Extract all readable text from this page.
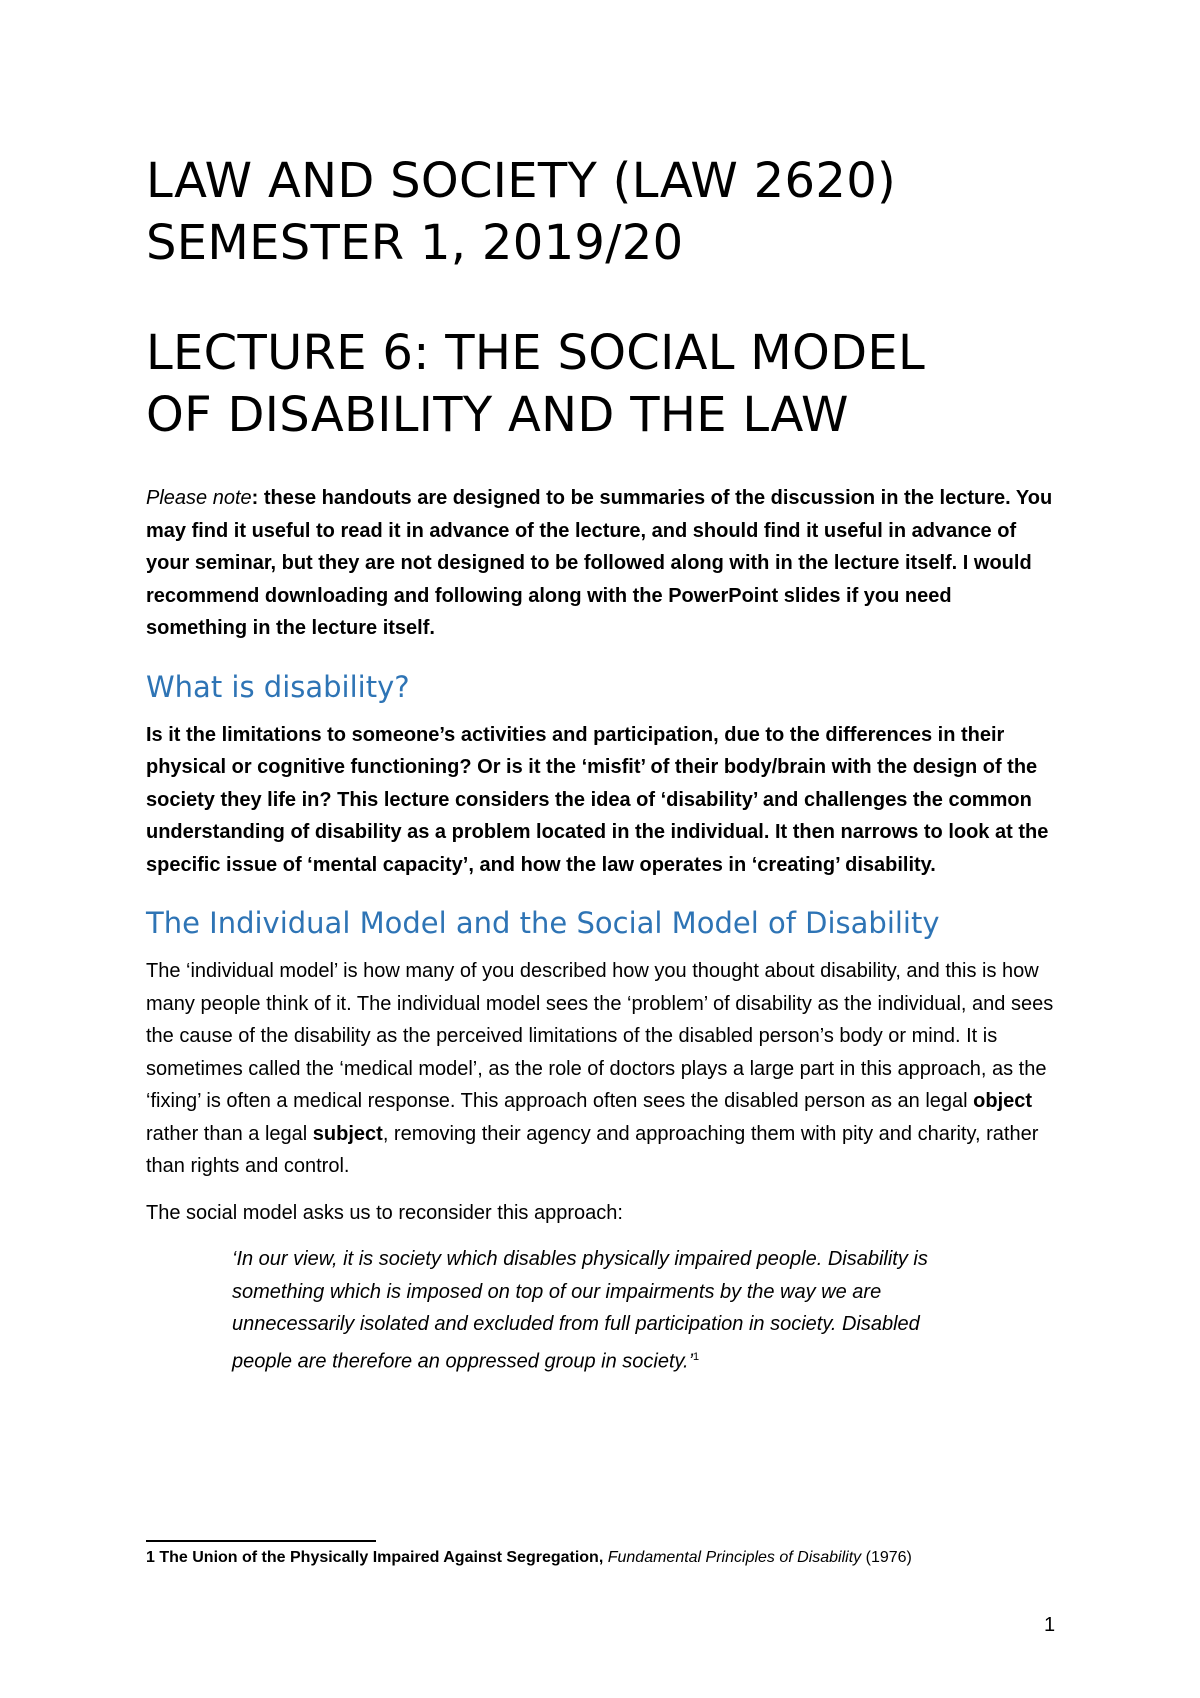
LAW AND SOCIETY (LAW 2620)

SEMESTER 1, 2019/20

LECTURE 6: THE SOCIAL MODEL

OF DISABILITY AND THE LAW

Please note: these handouts are designed to be summaries of the discussion in the lecture. You may find it useful to read it in advance of the lecture, and should find it useful in advance of your seminar, but they are not designed to be followed along with in the lecture itself. I would recommend downloading and following along with the PowerPoint slides if you need something in the lecture itself.

What is disability?

Is it the limitations to someone’s activities and participation, due to the differences in their physical or cognitive functioning? Or is it the ‘misfit’ of their body/brain with the design of the society they life in? This lecture considers the idea of ‘disability’ and challenges the common understanding of disability as a problem located in the individual. It then narrows to look at the specific issue of ‘mental capacity’, and how the law operates in ‘creating’ disability.

The Individual Model and the Social Model of Disability

The ‘individual model’ is how many of you described how you thought about disability, and this is how many people think of it. The individual model sees the ‘problem’ of disability as the individual, and sees the cause of the disability as the perceived limitations of the disabled person’s body or mind. It is sometimes called the ‘medical model’, as the role of doctors plays a large part in this approach, as the ‘fixing’ is often a medical response. This approach often sees the disabled person as an legal object rather than a legal subject, removing their agency and approaching them with pity and charity, rather than rights and control.

The social model asks us to reconsider this approach:

‘In our view, it is society which disables physically impaired people. Disability is something which is imposed on top of our impairments by the way we are unnecessarily isolated and excluded from full participation in society. Disabled people are therefore an oppressed group in society.’$^1$
1 The Union of the Physically Impaired Against Segregation, Fundamental Principles of Disability (1976)
1
